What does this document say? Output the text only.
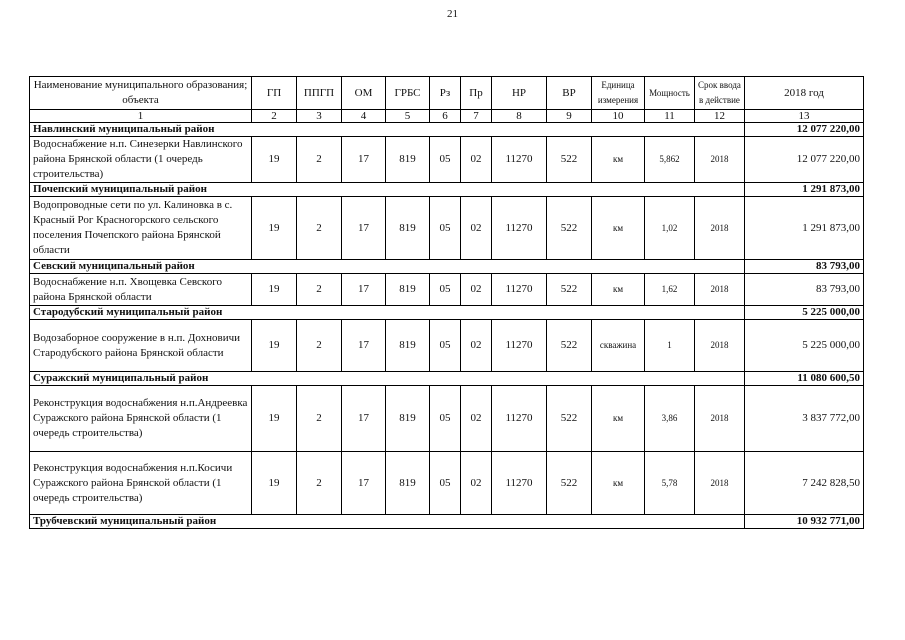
21
Наименование муниципального образования; объекта	ГП	ППГП	ОМ	ГРБС	Рз	Пр	НР	ВР	Единица измерения	Мощность	Срок ввода в действие	2018 год
1	2	3	4	5	6	7	8	9	10	11	12	13
Навлинский муниципальный район												12 077 220,00
Водоснабжение н.п. Синезерки Навлинского района Брянской области (1 очередь строительства)	19	2	17	819	05	02	11270	522	км	5,862	2018	12 077 220,00
Почепский муниципальный район												1 291 873,00
Водопроводные сети по ул. Калиновка в с. Красный Рог Красногорского сельского поселения Почепского района Брянской области	19	2	17	819	05	02	11270	522	км	1,02	2018	1 291 873,00
Севский муниципальный район												83 793,00
Водоснабжение н.п. Хвощевка Севского района Брянской области	19	2	17	819	05	02	11270	522	км	1,62	2018	83 793,00
Стародубский муниципальный район												5 225 000,00
Водозаборное сооружение в н.п. Дохновичи Стародубского района Брянской области	19	2	17	819	05	02	11270	522	скважина	1	2018	5 225 000,00
Суражский муниципальный район												11 080 600,50
Реконструкция водоснабжения н.п.Андреевка Суражского района Брянской области (1 очередь строительства)	19	2	17	819	05	02	11270	522	км	3,86	2018	3 837 772,00
Реконструкция водоснабжения н.п.Косичи Суражского района Брянской области (1 очередь строительства)	19	2	17	819	05	02	11270	522	км	5,78	2018	7 242 828,50
Трубчевский муниципальный район												10 932 771,00
